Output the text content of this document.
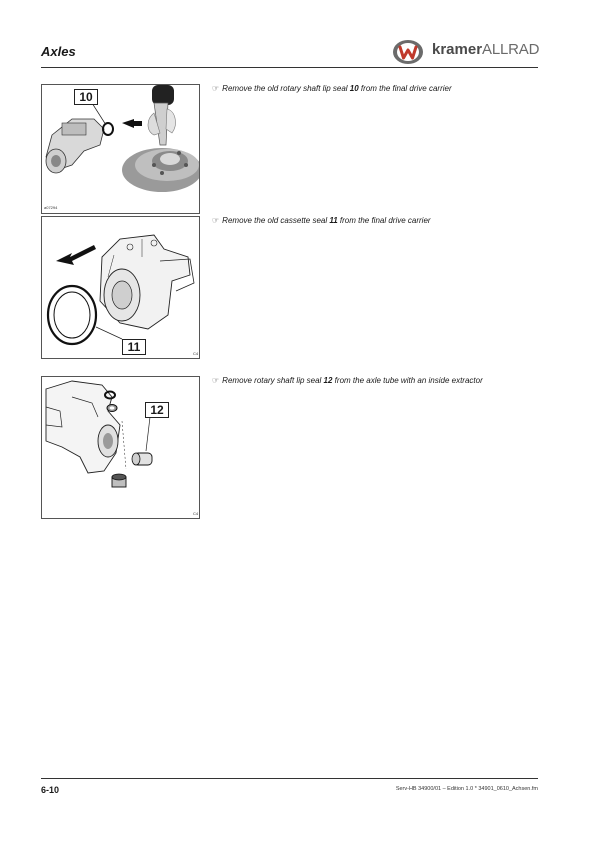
Axles	kramerALLRAD
10
a07294
☞ Remove the old rotary shaft lip seal 10 from the final drive carrier
11	C4
☞ Remove the old cassette seal 11 from the final drive carrier
12
C4
☞ Remove rotary shaft lip seal 12 from the axle tube with an inside extractor
6-10	Serv-HB 34900/01 – Edition 1.0 * 34901_0610_Achsen.fm
